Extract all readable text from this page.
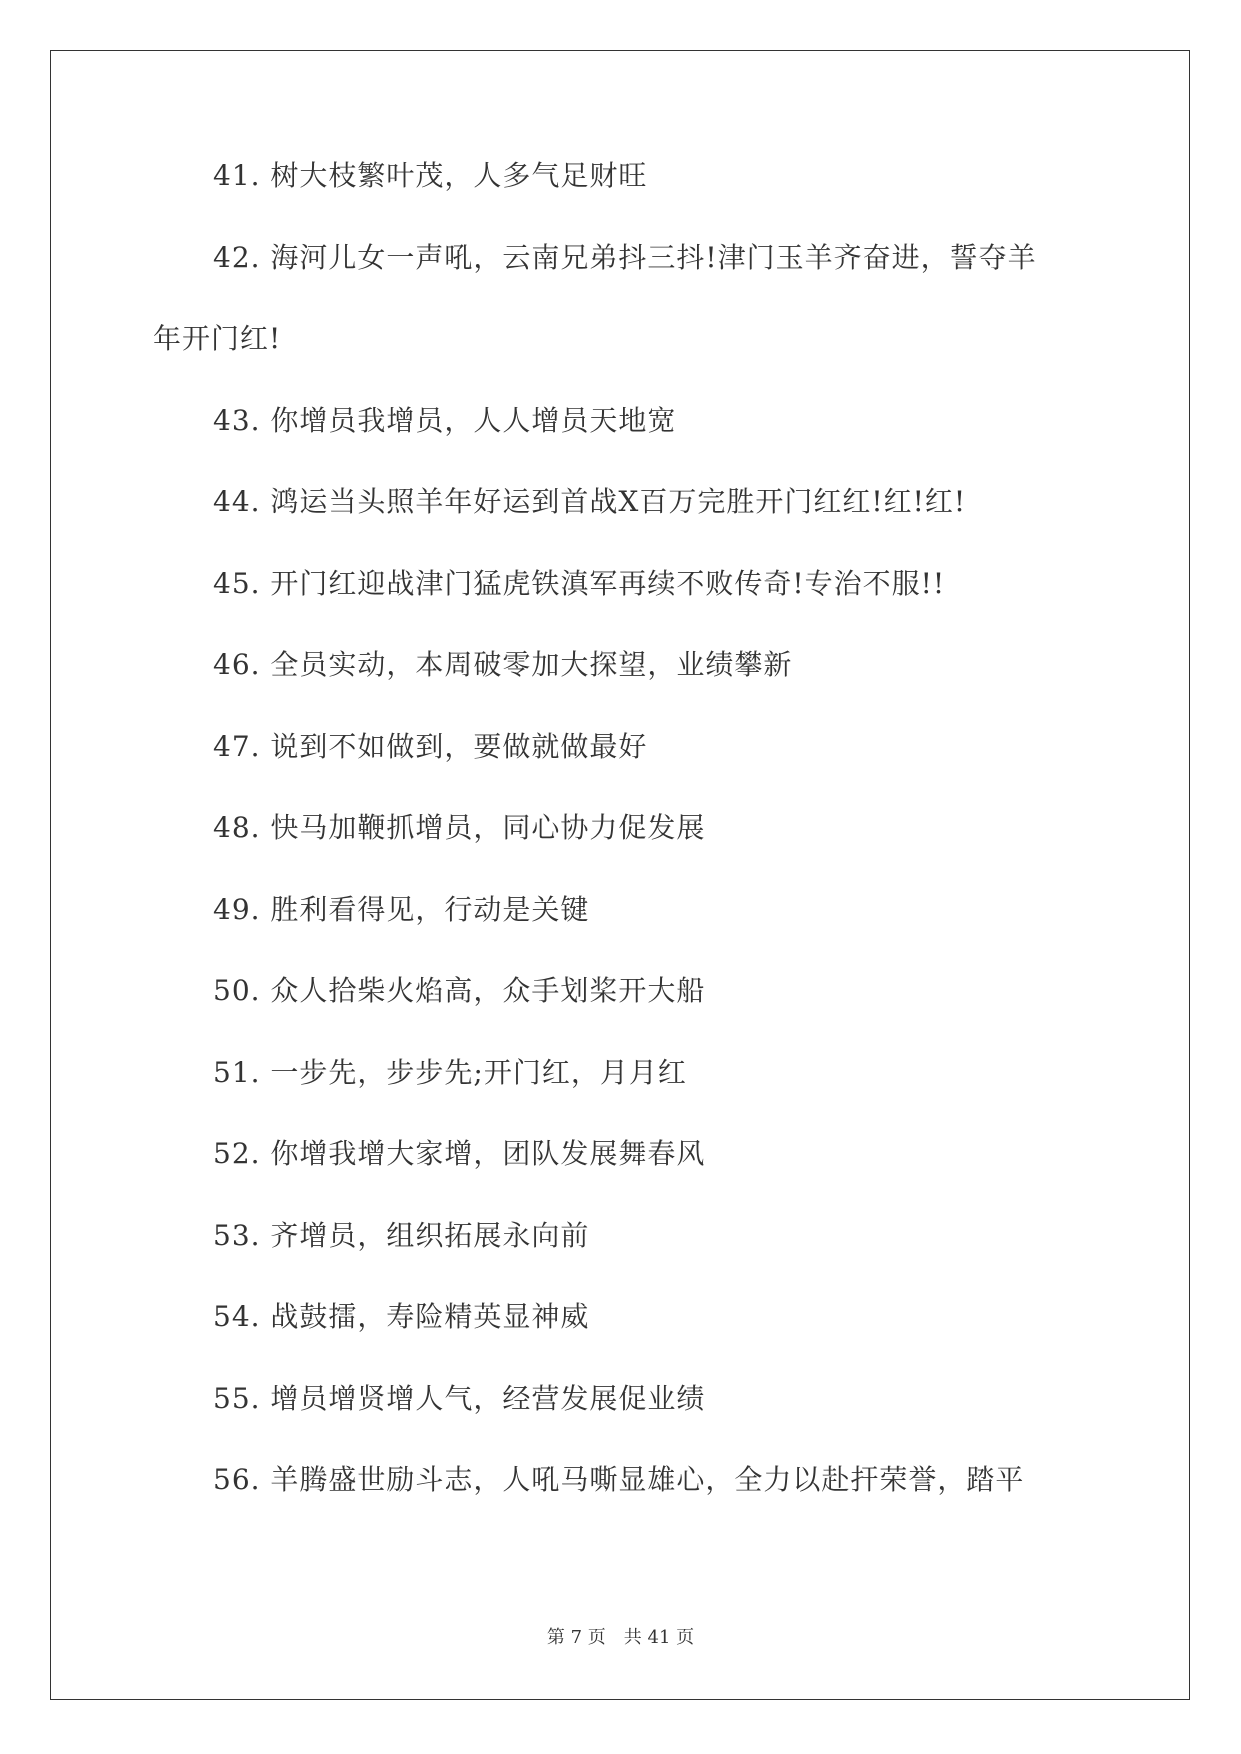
41. 树大枝繁叶茂，人多气足财旺
42. 海河儿女一声吼，云南兄弟抖三抖!津门玉羊齐奋进，誓夺羊
年开门红!
43. 你增员我增员，人人增员天地宽
44. 鸿运当头照羊年好运到首战X百万完胜开门红红!红!红!
45. 开门红迎战津门猛虎铁滇军再续不败传奇!专治不服!!
46. 全员实动，本周破零加大探望，业绩攀新
47. 说到不如做到，要做就做最好
48. 快马加鞭抓增员，同心协力促发展
49. 胜利看得见，行动是关键
50. 众人拾柴火焰高，众手划桨开大船
51. 一步先，步步先;开门红，月月红
52. 你增我增大家增，团队发展舞春风
53. 齐增员，组织拓展永向前
54. 战鼓擂，寿险精英显神威
55. 增员增贤增人气，经营发展促业绩
56. 羊腾盛世励斗志，人吼马嘶显雄心，全力以赴扞荣誉，踏平
第 7 页　共 41 页
